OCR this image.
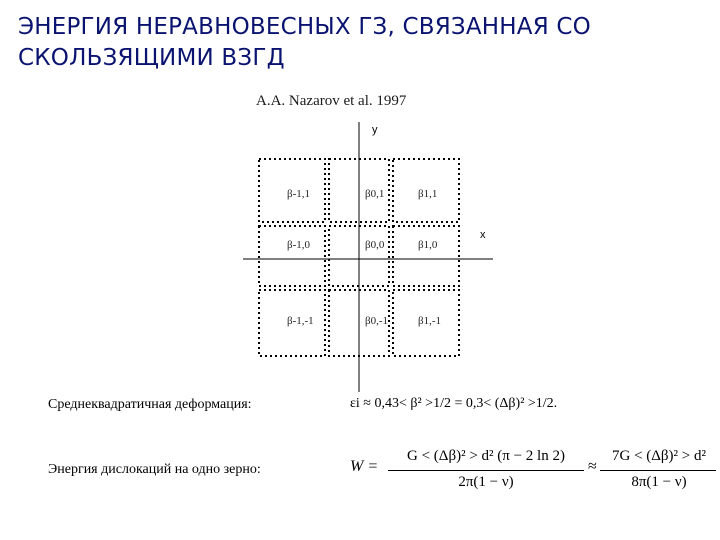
ЭНЕРГИЯ НЕРАВНОВЕСНЫХ ГЗ, СВЯЗАННАЯ СО
СКОЛЬЗЯЩИМИ ВЗГД
A.A. Nazarov et al. 1997
y
x
β-1,1	β0,1	β1,1
β-1,0	β0,0	β1,0
β-1,-1	β0,-1	β1,-1
Среднеквадратичная деформация:	εi ≈ 0,43< β² >1/2 = 0,3< (Δβ)² >1/2.
Энергия дислокаций на одно зерно:	W =
G < (Δβ)² > d² (π − 2 ln 2)
2π(1 − ν)
≈
7G < (Δβ)² > d²
8π(1 − ν)
